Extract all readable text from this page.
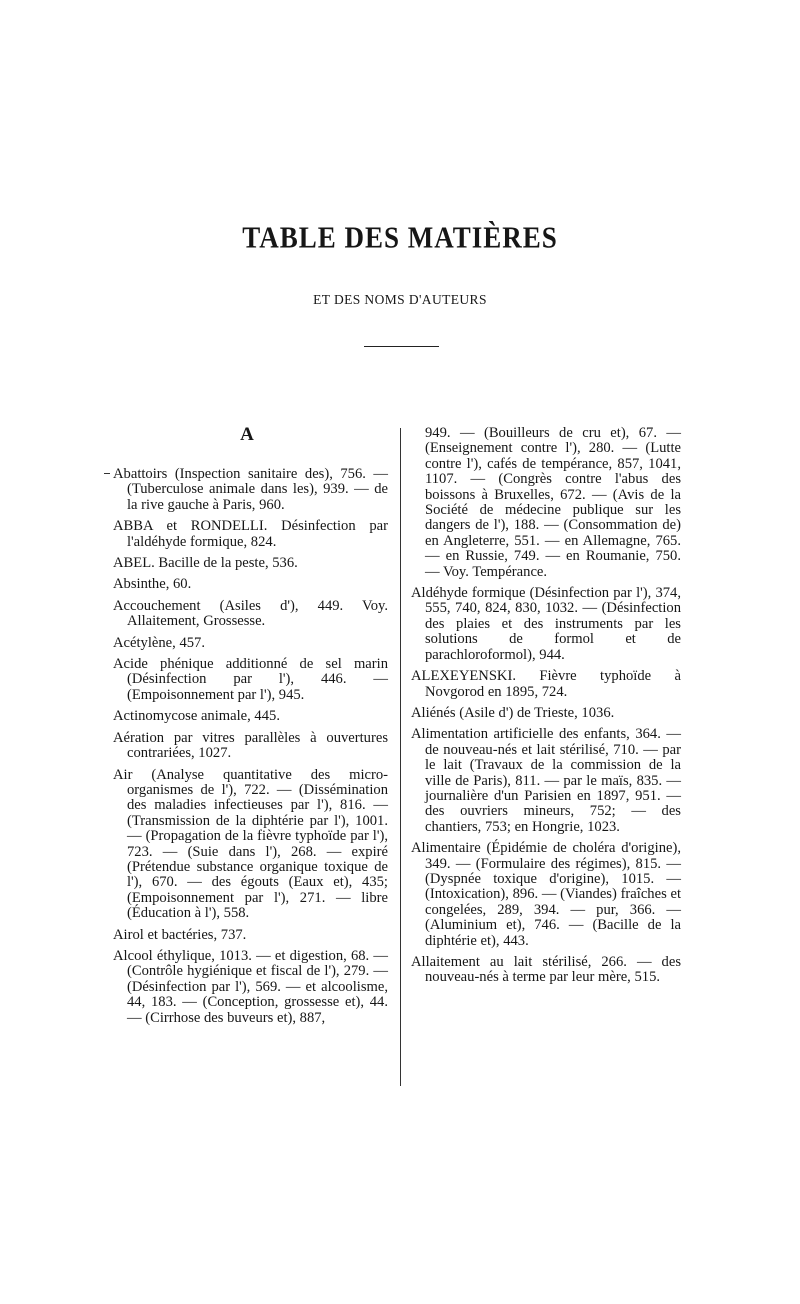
TABLE DES MATIÈRES
ET DES NOMS D'AUTEURS
A
Abattoirs (Inspection sanitaire des), 756. — (Tuberculose animale dans les), 939. — de la rive gauche à Paris, 960.
ABBA et RONDELLI. Désinfection par l'aldéhyde formique, 824.
ABEL. Bacille de la peste, 536.
Absinthe, 60.
Accouchement (Asiles d'), 449. Voy. Allaitement, Grossesse.
Acétylène, 457.
Acide phénique additionné de sel marin (Désinfection par l'), 446. — (Empoisonnement par l'), 945.
Actinomycose animale, 445.
Aération par vitres parallèles à ouvertures contrariées, 1027.
Air (Analyse quantitative des micro-organismes de l'), 722. — (Dissémination des maladies infectieuses par l'), 816. — (Transmission de la diphtérie par l'), 1001. — (Propagation de la fièvre typhoïde par l'), 723. — (Suie dans l'), 268. — expiré (Prétendue substance organique toxique de l'), 670. — des égouts (Eaux et), 435; (Empoisonnement par l'), 271. — libre (Éducation à l'), 558.
Airol et bactéries, 737.
Alcool éthylique, 1013. — et digestion, 68. — (Contrôle hygiénique et fiscal de l'), 279. — (Désinfection par l'), 569. — et alcoolisme, 44, 183. — (Conception, grossesse et), 44. — (Cirrhose des buveurs et), 887,
949. — (Bouilleurs de cru et), 67. — (Enseignement contre l'), 280. — (Lutte contre l'), cafés de tempérance, 857, 1041, 1107. — (Congrès contre l'abus des boissons à Bruxelles, 672. — (Avis de la Société de médecine publique sur les dangers de l'), 188. — (Consommation de) en Angleterre, 551. — en Allemagne, 765. — en Russie, 749. — en Roumanie, 750. — Voy. Tempérance.
Aldéhyde formique (Désinfection par l'), 374, 555, 740, 824, 830, 1032. — (Désinfection des plaies et des instruments par les solutions de formol et de parachloroformol), 944.
ALEXEYENSKI. Fièvre typhoïde à Novgorod en 1895, 724.
Aliénés (Asile d') de Trieste, 1036.
Alimentation artificielle des enfants, 364. — de nouveau-nés et lait stérilisé, 710. — par le lait (Travaux de la commission de la ville de Paris), 811. — par le maïs, 835. —journalière d'un Parisien en 1897, 951. — des ouvriers mineurs, 752; — des chantiers, 753; en Hongrie, 1023.
Alimentaire (Épidémie de choléra d'origine), 349. — (Formulaire des régimes), 815. — (Dyspnée toxique d'origine), 1015. — (Intoxication), 896. — (Viandes) fraîches et congelées, 289, 394. — pur, 366. — (Aluminium et), 746. — (Bacille de la diphtérie et), 443.
Allaitement au lait stérilisé, 266. — des nouveau-nés à terme par leur mère, 515.
